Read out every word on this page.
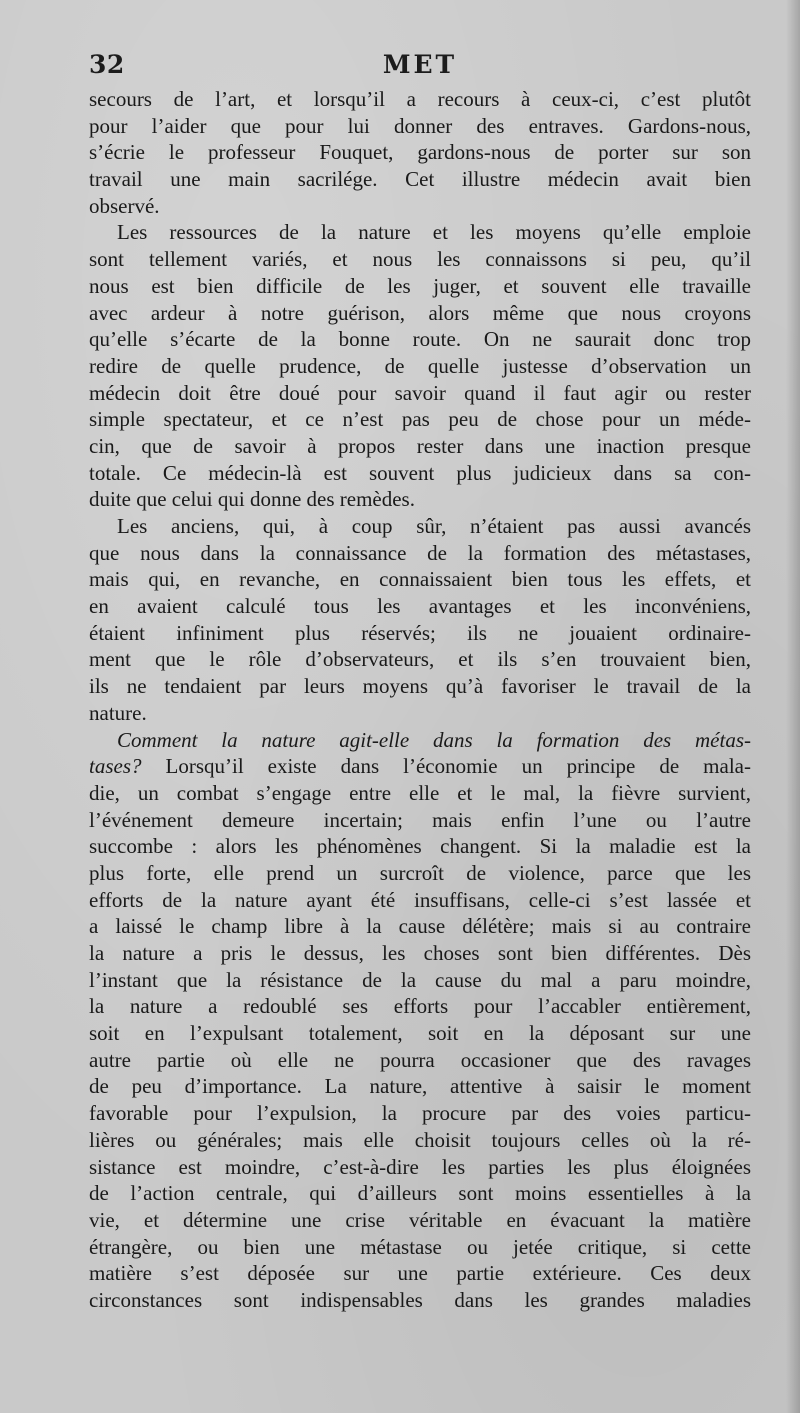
32	MET
secours de l’art, et lorsqu’il a recours à ceux-ci, c’est plutôt
pour l’aider que pour lui donner des entraves. Gardons-nous,
s’écrie le professeur Fouquet, gardons-nous de porter sur son
travail une main sacrilége. Cet illustre médecin avait bien
observé.
Les ressources de la nature et les moyens qu’elle emploie
sont tellement variés, et nous les connaissons si peu, qu’il
nous est bien difficile de les juger, et souvent elle travaille
avec ardeur à notre guérison, alors même que nous croyons
qu’elle s’écarte de la bonne route. On ne saurait donc trop
redire de quelle prudence, de quelle justesse d’observation un
médecin doit être doué pour savoir quand il faut agir ou rester
simple spectateur, et ce n’est pas peu de chose pour un méde-
cin, que de savoir à propos rester dans une inaction presque
totale. Ce médecin-là est souvent plus judicieux dans sa con-
duite que celui qui donne des remèdes.
Les anciens, qui, à coup sûr, n’étaient pas aussi avancés
que nous dans la connaissance de la formation des métastases,
mais qui, en revanche, en connaissaient bien tous les effets, et
en avaient calculé tous les avantages et les inconvéniens,
étaient infiniment plus réservés; ils ne jouaient ordinaire-
ment que le rôle d’observateurs, et ils s’en trouvaient bien,
ils ne tendaient par leurs moyens qu’à favoriser le travail de la
nature.
Comment la nature agit-elle dans la formation des métas-
tases? Lorsqu’il existe dans l’économie un principe de mala-
die, un combat s’engage entre elle et le mal, la fièvre survient,
l’événement demeure incertain; mais enfin l’une ou l’autre
succombe : alors les phénomènes changent. Si la maladie est la
plus forte, elle prend un surcroît de violence, parce que les
efforts de la nature ayant été insuffisans, celle-ci s’est lassée et
a laissé le champ libre à la cause délétère; mais si au contraire
la nature a pris le dessus, les choses sont bien différentes. Dès
l’instant que la résistance de la cause du mal a paru moindre,
la nature a redoublé ses efforts pour l’accabler entièrement,
soit en l’expulsant totalement, soit en la déposant sur une
autre partie où elle ne pourra occasioner que des ravages
de peu d’importance. La nature, attentive à saisir le moment
favorable pour l’expulsion, la procure par des voies particu-
lières ou générales; mais elle choisit toujours celles où la ré-
sistance est moindre, c’est-à-dire les parties les plus éloignées
de l’action centrale, qui d’ailleurs sont moins essentielles à la
vie, et détermine une crise véritable en évacuant la matière
étrangère, ou bien une métastase ou jetée critique, si cette
matière s’est déposée sur une partie extérieure. Ces deux
circonstances sont indispensables dans les grandes maladies
